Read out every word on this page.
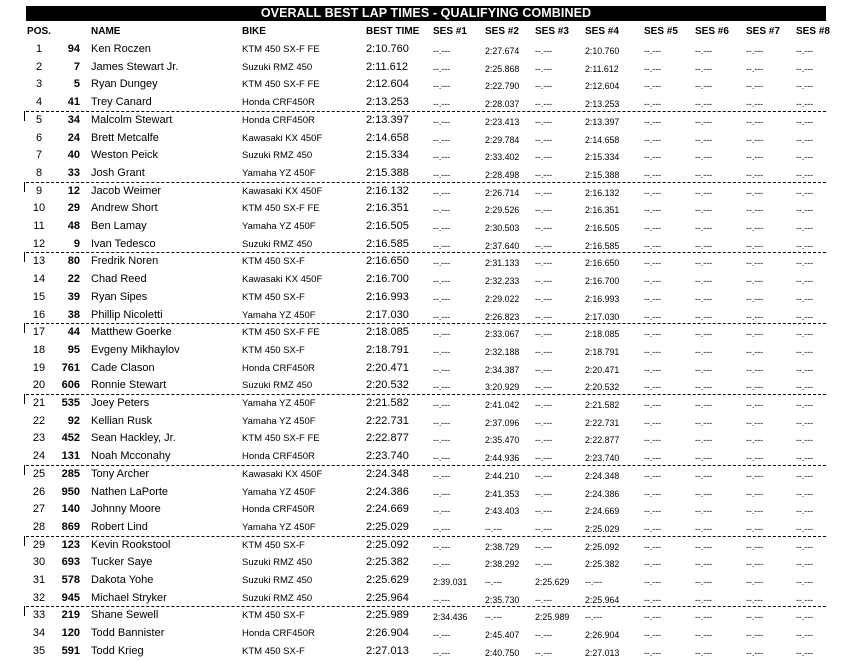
OVERALL BEST LAP TIMES - QUALIFYING COMBINED
POS.	NAME	BIKE	BEST TIME SES #1 SES #2 SES #3 SES #4	SES #5 SES #6 SES #7 SES #8
1	94 Ken Roczen	KTM 450 SX-F FE	2:10.760	--.---	2:27.674 --.---	2:10.760	--.---	--.---	--.---	--.---
2	7 James Stewart Jr.	Suzuki RMZ 450	2:11.612	--.---	2:25.868 --.---	2:11.612	--.---	--.---	--.---	--.---
3	5 Ryan Dungey	KTM 450 SX-F FE	2:12.604	--.---	2:22.790 --.---	2:12.604	--.---	--.---	--.---	--.---
4	41 Trey Canard	Honda CRF450R	2:13.253	--.---	2:28.037 --.---	2:13.253	--.---	--.---	--.---	--.---
5	34 Malcolm Stewart	Honda CRF450R	2:13.397	--.---	2:23.413 --.---	2:13.397	--.---	--.---	--.---	--.---
6	24 Brett Metcalfe	Kawasaki KX 450F	2:14.658	--.---	2:29.784 --.---	2:14.658	--.---	--.---	--.---	--.---
7	40 Weston Peick	Suzuki RMZ 450	2:15.334	--.---	2:33.402 --.---	2:15.334	--.---	--.---	--.---	--.---
8	33 Josh Grant	Yamaha YZ 450F	2:15.388	--.---	2:28.498 --.---	2:15.388	--.---	--.---	--.---	--.---
9	12 Jacob Weimer	Kawasaki KX 450F	2:16.132	--.---	2:26.714 --.---	2:16.132	--.---	--.---	--.---	--.---
10	29 Andrew Short	KTM 450 SX-F FE	2:16.351	--.---	2:29.526 --.---	2:16.351	--.---	--.---	--.---	--.---
11	48 Ben Lamay	Yamaha YZ 450F	2:16.505	--.---	2:30.503 --.---	2:16.505	--.---	--.---	--.---	--.---
12	9 Ivan Tedesco	Suzuki RMZ 450	2:16.585	--.---	2:37.640 --.---	2:16.585	--.---	--.---	--.---	--.---
13	80 Fredrik Noren	KTM 450 SX-F	2:16.650	--.---	2:31.133 --.---	2:16.650	--.---	--.---	--.---	--.---
14	22 Chad Reed	Kawasaki KX 450F	2:16.700	--.---	2:32.233 --.---	2:16.700	--.---	--.---	--.---	--.---
15	39 Ryan Sipes	KTM 450 SX-F	2:16.993	--.---	2:29.022 --.---	2:16.993	--.---	--.---	--.---	--.---
16	38 Phillip Nicoletti	Yamaha YZ 450F	2:17.030	--.---	2:26.823 --.---	2:17.030	--.---	--.---	--.---	--.---
17	44 Matthew Goerke	KTM 450 SX-F FE	2:18.085	--.---	2:33.067 --.---	2:18.085	--.---	--.---	--.---	--.---
18	95 Evgeny Mikhaylov	KTM 450 SX-F	2:18.791	--.---	2:32.188 --.---	2:18.791	--.---	--.---	--.---	--.---
19	761 Cade Clason	Honda CRF450R	2:20.471	--.---	2:34.387 --.---	2:20.471	--.---	--.---	--.---	--.---
20	606 Ronnie Stewart	Suzuki RMZ 450	2:20.532	--.---	3:20.929 --.---	2:20.532	--.---	--.---	--.---	--.---
21	535 Joey Peters	Yamaha YZ 450F	2:21.582	--.---	2:41.042 --.---	2:21.582	--.---	--.---	--.---	--.---
22	92 Kellian Rusk	Yamaha YZ 450F	2:22.731	--.---	2:37.096 --.---	2:22.731	--.---	--.---	--.---	--.---
23	452 Sean Hackley, Jr.	KTM 450 SX-F FE	2:22.877	--.---	2:35.470 --.---	2:22.877	--.---	--.---	--.---	--.---
24	131 Noah Mcconahy	Honda CRF450R	2:23.740	--.---	2:44.936 --.---	2:23.740	--.---	--.---	--.---	--.---
25	285 Tony Archer	Kawasaki KX 450F	2:24.348	--.---	2:44.210 --.---	2:24.348	--.---	--.---	--.---	--.---
26	950 Nathen LaPorte	Yamaha YZ 450F	2:24.386	--.---	2:41.353 --.---	2:24.386	--.---	--.---	--.---	--.---
27	140 Johnny Moore	Honda CRF450R	2:24.669	--.---	2:43.403 --.---	2:24.669	--.---	--.---	--.---	--.---
28	869 Robert Lind	Yamaha YZ 450F	2:25.029	--.---	--.---	--.---	2:25.029	--.---	--.---	--.---	--.---
29	123 Kevin Rookstool	KTM 450 SX-F	2:25.092	--.---	2:38.729 --.---	2:25.092	--.---	--.---	--.---	--.---
30	693 Tucker Saye	Suzuki RMZ 450	2:25.382	--.---	2:38.292 --.---	2:25.382	--.---	--.---	--.---	--.---
31	578 Dakota Yohe	Suzuki RMZ 450	2:25.629	2:39.031 --.---	2:25.629 --.---	--.---	--.---	--.---	--.---
32	945 Michael Stryker	Suzuki RMZ 450	2:25.964	--.---	2:35.730 --.---	2:25.964	--.---	--.---	--.---	--.---
33	219 Shane Sewell	KTM 450 SX-F	2:25.989	2:34.436 --.---	2:25.989 --.---	--.---	--.---	--.---	--.---
34	120 Todd Bannister	Honda CRF450R	2:26.904	--.---	2:45.407 --.---	2:26.904	--.---	--.---	--.---	--.---
35	591 Todd Krieg	KTM 450 SX-F	2:27.013	--.---	2:40.750 --.---	2:27.013	--.---	--.---	--.---	--.---
